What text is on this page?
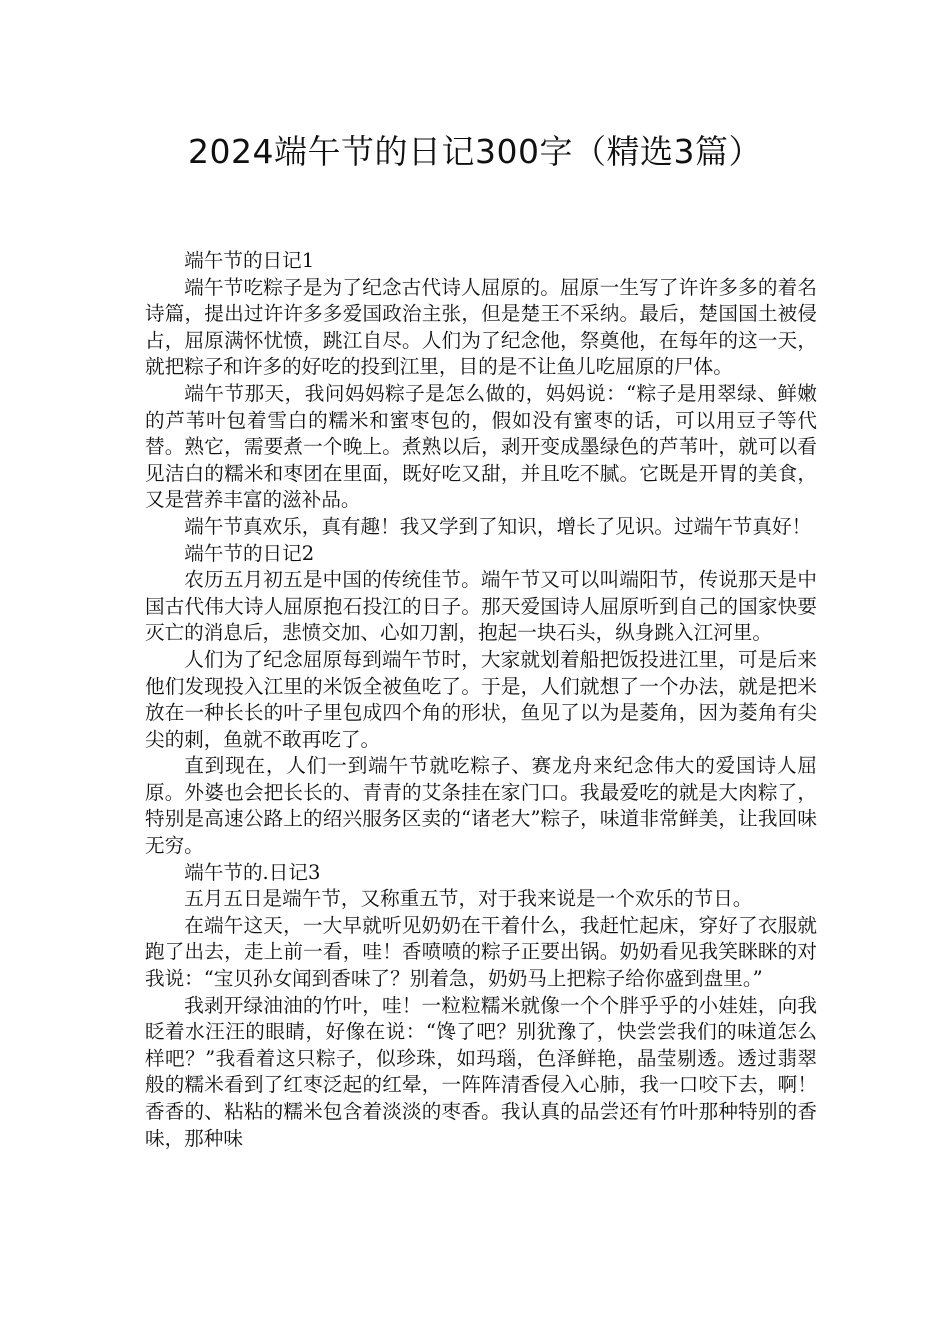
2024端午节的日记300字（精选3篇）

端午节的日记1

端午节吃粽子是为了纪念古代诗人屈原的。屈原一生写了许许多多的着名诗篇，提出过许许多多爱国政治主张，但是楚王不采纳。最后，楚国国土被侵占，屈原满怀忧愤，跳江自尽。人们为了纪念他，祭奠他，在每年的这一天，就把粽子和许多的好吃的投到江里，目的是不让鱼儿吃屈原的尸体。

端午节那天，我问妈妈粽子是怎么做的，妈妈说：“粽子是用翠绿、鲜嫩的芦苇叶包着雪白的糯米和蜜枣包的，假如没有蜜枣的话，可以用豆子等代替。熟它，需要煮一个晚上。煮熟以后，剥开变成墨绿色的芦苇叶，就可以看见洁白的糯米和枣团在里面，既好吃又甜，并且吃不腻。它既是开胃的美食，又是营养丰富的滋补品。

端午节真欢乐，真有趣！我又学到了知识，增长了见识。过端午节真好！

端午节的日记2

农历五月初五是中国的传统佳节。端午节又可以叫端阳节，传说那天是中国古代伟大诗人屈原抱石投江的日子。那天爱国诗人屈原听到自己的国家快要灭亡的消息后，悲愤交加、心如刀割，抱起一块石头，纵身跳入江河里。

人们为了纪念屈原每到端午节时，大家就划着船把饭投进江里，可是后来他们发现投入江里的米饭全被鱼吃了。于是，人们就想了一个办法，就是把米放在一种长长的叶子里包成四个角的形状，鱼见了以为是菱角，因为菱角有尖尖的刺，鱼就不敢再吃了。

直到现在，人们一到端午节就吃粽子、赛龙舟来纪念伟大的爱国诗人屈原。外婆也会把长长的、青青的艾条挂在家门口。我最爱吃的就是大肉粽了，特别是高速公路上的绍兴服务区卖的“诸老大”粽子，味道非常鲜美，让我回味无穷。

端午节的.日记3

五月五日是端午节，又称重五节，对于我来说是一个欢乐的节日。

在端午这天，一大早就听见奶奶在干着什么，我赶忙起床，穿好了衣服就跑了出去，走上前一看，哇！香喷喷的粽子正要出锅。奶奶看见我笑眯眯的对我说：“宝贝孙女闻到香味了？别着急，奶奶马上把粽子给你盛到盘里。”

我剥开绿油油的竹叶，哇！一粒粒糯米就像一个个胖乎乎的小娃娃，向我眨着水汪汪的眼睛，好像在说：“馋了吧？别犹豫了，快尝尝我们的味道怎么样吧？”我看着这只粽子，似珍珠，如玛瑙，色泽鲜艳，晶莹剔透。透过翡翠般的糯米看到了红枣泛起的红晕，一阵阵清香侵入心肺，我一口咬下去，啊！香香的、粘粘的糯米包含着淡淡的枣香。我认真的品尝还有竹叶那种特别的香味，那种味
